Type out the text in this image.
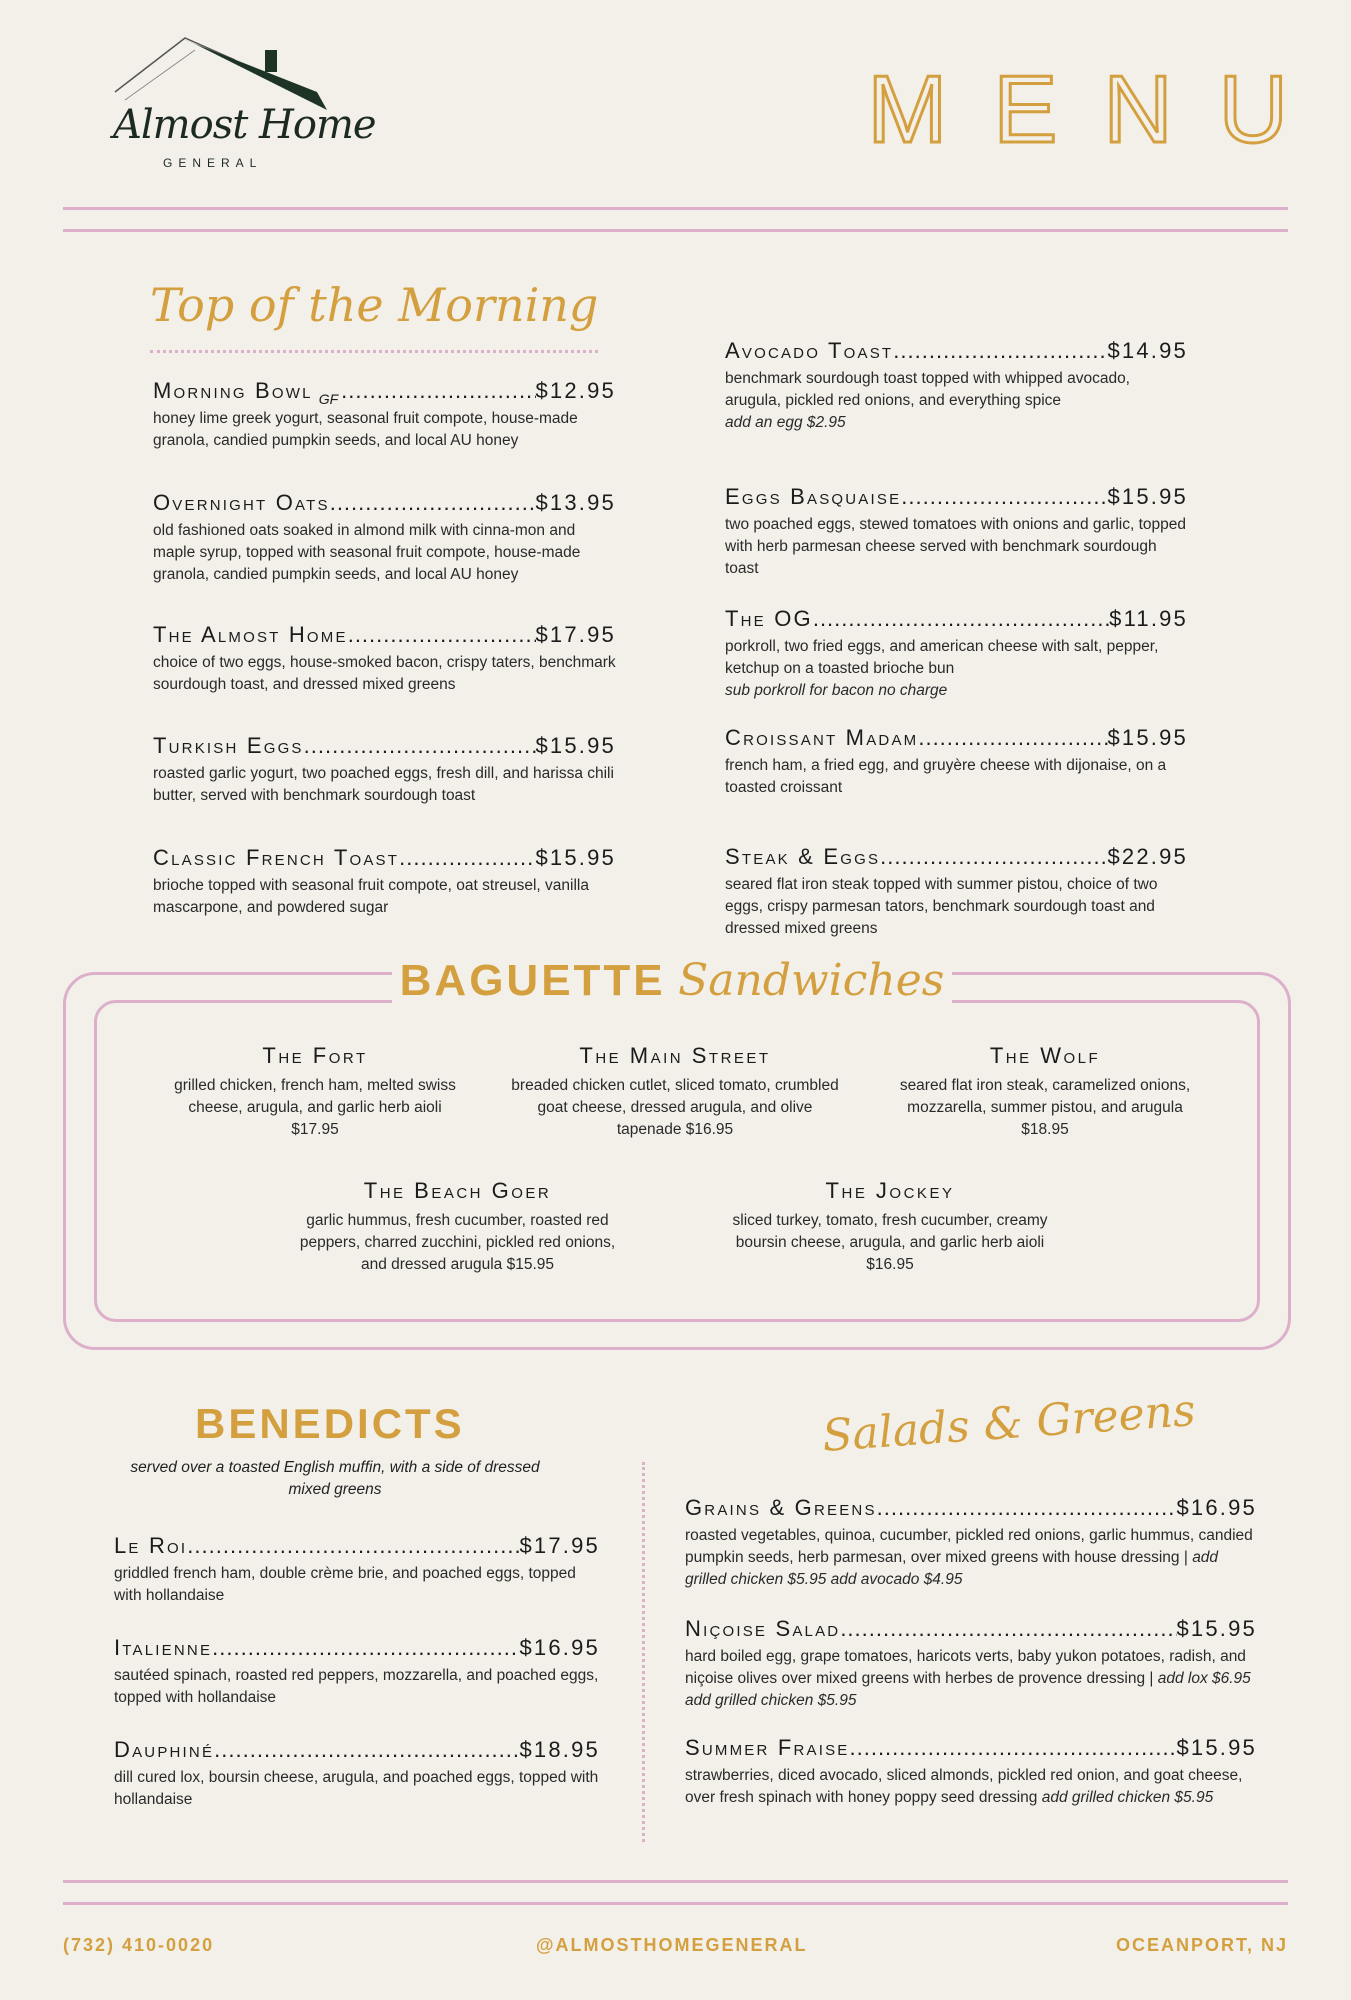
Almost Home
GENERAL	MENU
Top of the Morning
Morning Bowl GF .....	$12.95
honey lime greek yogurt, seasonal fruit compote, house-made granola, candied pumpkin seeds, and local AU honey
Overnight Oats .....	$13.95
old fashioned oats soaked in almond milk with cinna-mon and maple syrup, topped with seasonal fruit compote, house-made granola, candied pumpkin seeds, and local AU honey
The Almost Home .....	$17.95
choice of two eggs, house-smoked bacon, crispy taters, benchmark sourdough toast, and dressed mixed greens
Turkish Eggs .....	$15.95
roasted garlic yogurt, two poached eggs, fresh dill, and harissa chili butter, served with benchmark sourdough toast
Classic French Toast .....	$15.95
brioche topped with seasonal fruit compote, oat streusel, vanilla mascarpone, and powdered sugar
Avocado Toast .....	$14.95
benchmark sourdough toast topped with whipped avocado, arugula, pickled red onions, and everything spice
add an egg $2.95
Eggs Basquaise .....	$15.95
two poached eggs, stewed tomatoes with onions and garlic, topped with herb parmesan cheese served with benchmark sourdough toast
The OG .....	$11.95
porkroll, two fried eggs, and american cheese with salt, pepper, ketchup on a toasted brioche bun
sub porkroll for bacon no charge
Croissant Madam .....	$15.95
french ham, a fried egg, and gruyère cheese with dijonaise, on a toasted croissant
Steak & Eggs .....	$22.95
seared flat iron steak topped with summer pistou, choice of two eggs, crispy parmesan tators, benchmark sourdough toast and dressed mixed greens
BAGUETTE Sandwiches
The Fort
grilled chicken, french ham, melted swiss cheese, arugula, and garlic herb aioli $17.95
The Main Street
breaded chicken cutlet, sliced tomato, crumbled goat cheese, dressed arugula, and olive tapenade $16.95
The Wolf
seared flat iron steak, caramelized onions, mozzarella, summer pistou, and arugula $18.95
The Beach Goer
garlic hummus, fresh cucumber, roasted red peppers, charred zucchini, pickled red onions, and dressed arugula $15.95
The Jockey
sliced turkey, tomato, fresh cucumber, creamy boursin cheese, arugula, and garlic herb aioli $16.95
BENEDICTS
served over a toasted English muffin, with a side of dressed mixed greens
Le Roi .....	$17.95
griddled french ham, double crème brie, and poached eggs, topped with hollandaise
Italienne .....	$16.95
sautéed spinach, roasted red peppers, mozzarella, and poached eggs, topped with hollandaise
Dauphiné .....	$18.95
dill cured lox, boursin cheese, arugula, and poached eggs, topped with hollandaise
Salads & Greens
Grains & Greens .....	$16.95
roasted vegetables, quinoa, cucumber, pickled red onions, garlic hummus, candied pumpkin seeds, herb parmesan, over mixed greens with house dressing | add grilled chicken $5.95 add avocado $4.95
Niçoise Salad .....	$15.95
hard boiled egg, grape tomatoes, haricots verts, baby yukon potatoes, radish, and niçoise olives over mixed greens with herbes de provence dressing | add lox $6.95 add grilled chicken $5.95
Summer Fraise .....	$15.95
strawberries, diced avocado, sliced almonds, pickled red onion, and goat cheese, over fresh spinach with honey poppy seed dressing add grilled chicken $5.95
(732) 410-0020	@ALMOSTHOMEGENERAL	OCEANPORT, NJ
